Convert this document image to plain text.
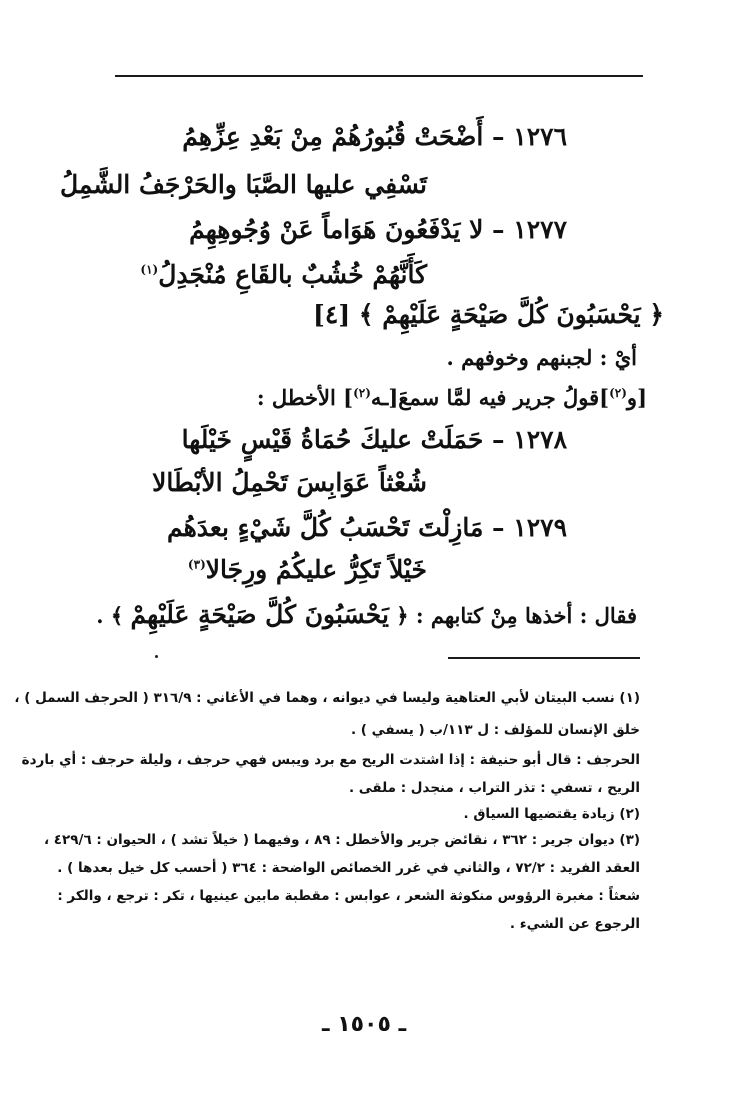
١٢٧٦ – أَضْحَتْ قُبُورُهُمْ مِنْ بَعْدِ عِزِّهِمُ
تَسْفِي عليها الصَّبَا والحَرْجَفُ الشَّمِلُ
١٢٧٧ – لا يَدْفَعُونَ هَوَاماً عَنْ وُجُوهِهِمُ
كَأَنَّهُمْ خُشُبٌ بالقَاعِ مُنْجَدِلُ$^{(١)}$
﴿ يَحْسَبُونَ كُلَّ صَيْحَةٍ عَلَيْهِمْ ﴾ [٤]
أيْ : لجبنهم وخوفهم .
[و$^{(٢)}$]قولُ جرير فيه لمَّا سمعَ[ـه$^{(٢)}$] الأخطل :
١٢٧٨ – حَمَلَتْ عليكَ حُمَاةُ قَيْسٍ خَيْلَها
شُعْثاً عَوَابِسَ تَحْمِلُ الأبْطَالا
١٢٧٩ – مَازِلْتَ تَحْسَبُ كُلَّ شَيْءٍ بعدَهُم
خَيْلاً تَكِرُّ عليكُمُ ورِجَالا$^{(٣)}$
فقال : أخذها مِنْ كتابهم : ﴿ يَحْسَبُونَ كُلَّ صَيْحَةٍ عَلَيْهِمْ ﴾ .
(١) نسب البيتان لأبي العتاهية وليسا في ديوانه ، وهما في الأغاني : ٣١٦/٩ ( الحرجف السمل ) ،
خلق الإنسان للمؤلف : ل ١١٣/ب ( يسفي ) .
الحرجف : قال أبو حنيفة : إذا اشتدت الريح مع برد ويبس فهي حرجف ، وليلة حرجف : أي باردة
الريح ، تسفي : تذر التراب ، منجدل : ملقى .
(٢) زيادة يقتضيها السياق .
(٣) ديوان جرير : ٣٦٢ ، نقائض جرير والأخطل : ٨٩ ، وفيهما ( خيلاً تشد ) ، الحيوان : ٤٢٩/٦ ،
العقد الفريد : ٧٢/٢ ، والثاني في غرر الخصائص الواضحة : ٣٦٤ ( أحسب كل خيل بعدها ) .
شعثاً : مغبرة الرؤوس منكوثة الشعر ، عوابس : مقطبة مابين عينيها ، تكر : ترجع ، والكر :
الرجوع عن الشيء .
ـ ١٥٠٥ ـ
